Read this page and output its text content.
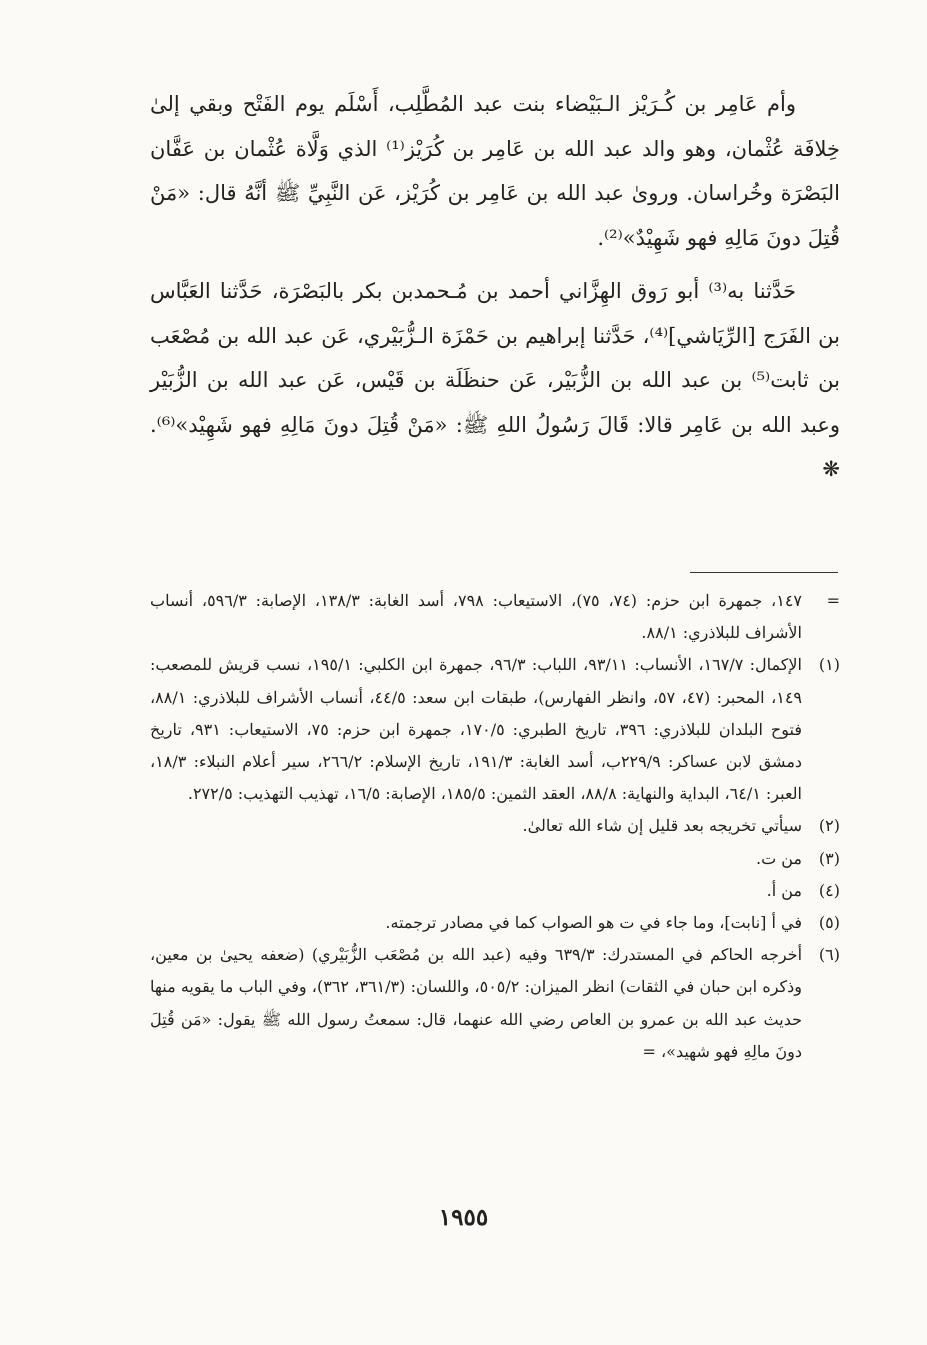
وأم عَامِر بن كُـرَيْز الـبَيْضاء بنت عبد المُطَّلِب، أَسْلَم يوم الفَتْح وبقي إلىٰ خِلافَة عُثْمان، وهو والد عبد الله بن عَامِر بن كُرَيْز⁽¹⁾ الذي وَلَّاة عُثْمان بن عَفَّان البَصْرَة وخُراسان. وروىٰ عبد الله بن عَامِر بن كُرَيْز، عَن النَّبِيِّ ﷺ أنَّهُ قال: «مَنْ قُتِلَ دونَ مَالِهِ فهو شَهِيْدٌ»⁽²⁾.

حَدَّثنا به⁽³⁾ أبو رَوق الهِزَّاني أحمد بن مُـحمدبن بكر بالبَصْرَة، حَدَّثنا العَبَّاس بن الفَرَج [الرِّيَاشي]⁽⁴⁾، حَدَّثنا إبراهيم بن حَمْزَة الـزُّبَيْري، عَن عبد الله بن مُصْعَب بن ثابت⁽⁵⁾ بن عبد الله بن الزُّبَيْر، عَن حنظَلَة بن قَيْس، عَن عبد الله بن الزُّبَيْر وعبد الله بن عَامِر قالا: قَالَ رَسُولُ اللهِ ﷺ: «مَنْ قُتِلَ دونَ مَالِهِ فهو شَهِيْد»⁽⁶⁾. ❋

=
١٤٧، جمهرة ابن حزم: (٧٤، ٧٥)، الاستيعاب: ٧٩٨، أسد الغابة: ١٣٨/٣، الإصابة: ٥٩٦/٣، أنساب الأشراف للبلاذري: ٨٨/١.
(١)
الإكمال: ١٦٧/٧، الأنساب: ٩٣/١١، اللباب: ٩٦/٣، جمهرة ابن الكلبي: ١٩٥/١، نسب قريش للمصعب: ١٤٩، المحبر: (٤٧، ٥٧، وانظر الفهارس)، طبقات ابن سعد: ٤٤/٥، أنساب الأشراف للبلاذري: ٨٨/١، فتوح البلدان للبلاذري: ٣٩٦، تاريخ الطبري: ١٧٠/٥، جمهرة ابن حزم: ٧٥، الاستيعاب: ٩٣١، تاريخ دمشق لابن عساكر: ٢٢٩/٩ب، أسد الغابة: ١٩١/٣، تاريخ الإسلام: ٢٦٦/٢، سير أعلام النبلاء: ١٨/٣، العبر: ٦٤/١، البداية والنهاية: ٨٨/٨، العقد الثمين: ١٨٥/٥، الإصابة: ١٦/٥، تهذيب التهذيب: ٢٧٢/٥.
(٢)
سيأتي تخريجه بعد قليل إن شاء الله تعالىٰ.
(٣)
من ت.
(٤)
من أ.
(٥)
في أ [نابت]، وما جاء في ت هو الصواب كما في مصادر ترجمته.
(٦)
أخرجه الحاكم في المستدرك: ٦٣٩/٣ وفيه (عبد الله بن مُصْعَب الزُّبَيْري) (ضعفه يحيىٰ بن معين، وذكره ابن حبان في الثقات) انظر الميزان: ٥٠٥/٢، واللسان: (٣٦١/٣، ٣٦٢)، وفي الباب ما يقويه منها حديث عبد الله بن عمرو بن العاص رضي الله عنهما، قال: سمعتُ رسول الله ﷺ يقول: «مَن قُتِلَ دونَ مالِهِ فهو شهيد»، =
١٩٥٥
